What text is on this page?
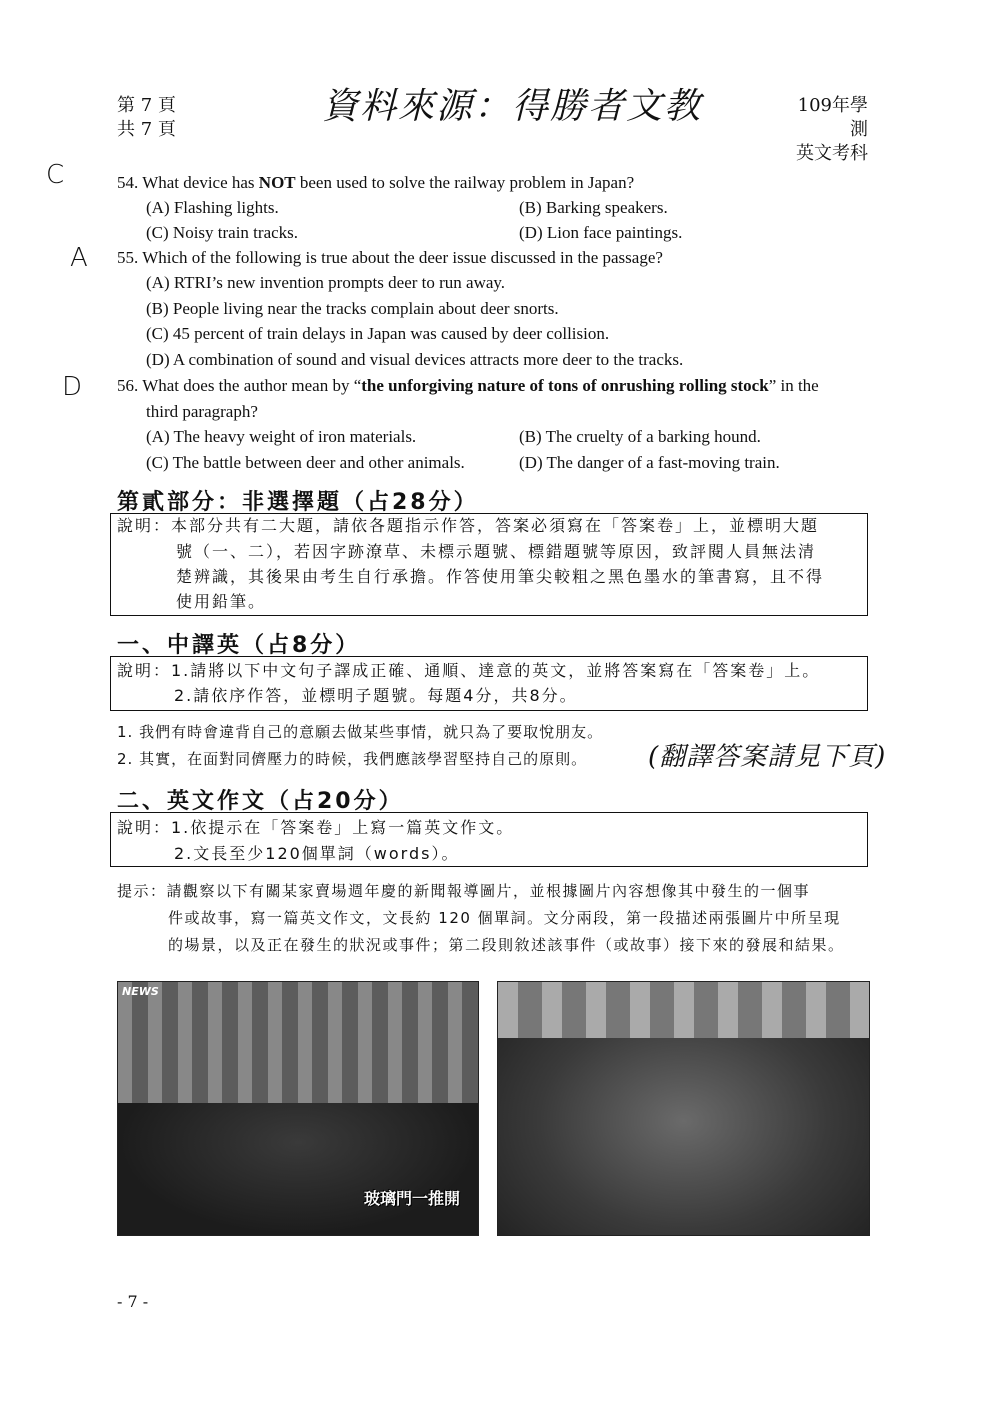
第 7 頁
共 7 頁
資料來源：得勝者文教	109年學測
英文考科
C	54. What device has NOT been used to solve the railway problem in Japan?
(A) Flashing lights.	(B) Barking speakers.
(C) Noisy train tracks.	(D) Lion face paintings.
A 55. Which of the following is true about the deer issue discussed in the passage?
(A) RTRI’s new invention prompts deer to run away.
(B) People living near the tracks complain about deer snorts.
(C) 45 percent of train delays in Japan was caused by deer collision.
(D) A combination of sound and visual devices attracts more deer to the tracks.
D 56. What does the author mean by “the unforgiving nature of tons of onrushing rolling stock” in the
third paragraph?
(A) The heavy weight of iron materials.	(B) The cruelty of a barking hound.
(C) The battle between deer and other animals.	(D) The danger of a fast-moving train.
第貳部分：非選擇題（占28分）
說明：本部分共有二大題，請依各題指示作答，答案必須寫在「答案卷」上，並標明大題
號（一、二），若因字跡潦草、未標示題號、標錯題號等原因，致評閱人員無法清
楚辨識，其後果由考生自行承擔。作答使用筆尖較粗之黑色墨水的筆書寫，且不得
使用鉛筆。
一、中譯英（占8分）
說明：1.請將以下中文句子譯成正確、通順、達意的英文，並將答案寫在「答案卷」上。
2.請依序作答，並標明子題號。每題4分，共8分。
1. 我們有時會違背自己的意願去做某些事情，就只為了要取悅朋友。
2. 其實，在面對同儕壓力的時候，我們應該學習堅持自己的原則。 (翻譯答案請見下頁)
二、英文作文（占20分）
說明：1.依提示在「答案卷」上寫一篇英文作文。
2.文長至少120個單詞（words）。
提示：請觀察以下有關某家賣場週年慶的新聞報導圖片，並根據圖片內容想像其中發生的一個事
件或故事，寫一篇英文作文，文長約 120 個單詞。文分兩段，第一段描述兩張圖片中所呈現
的場景，以及正在發生的狀況或事件；第二段則敘述該事件（或故事）接下來的發展和結果。
NEWS
玻璃門一推開
- 7 -
